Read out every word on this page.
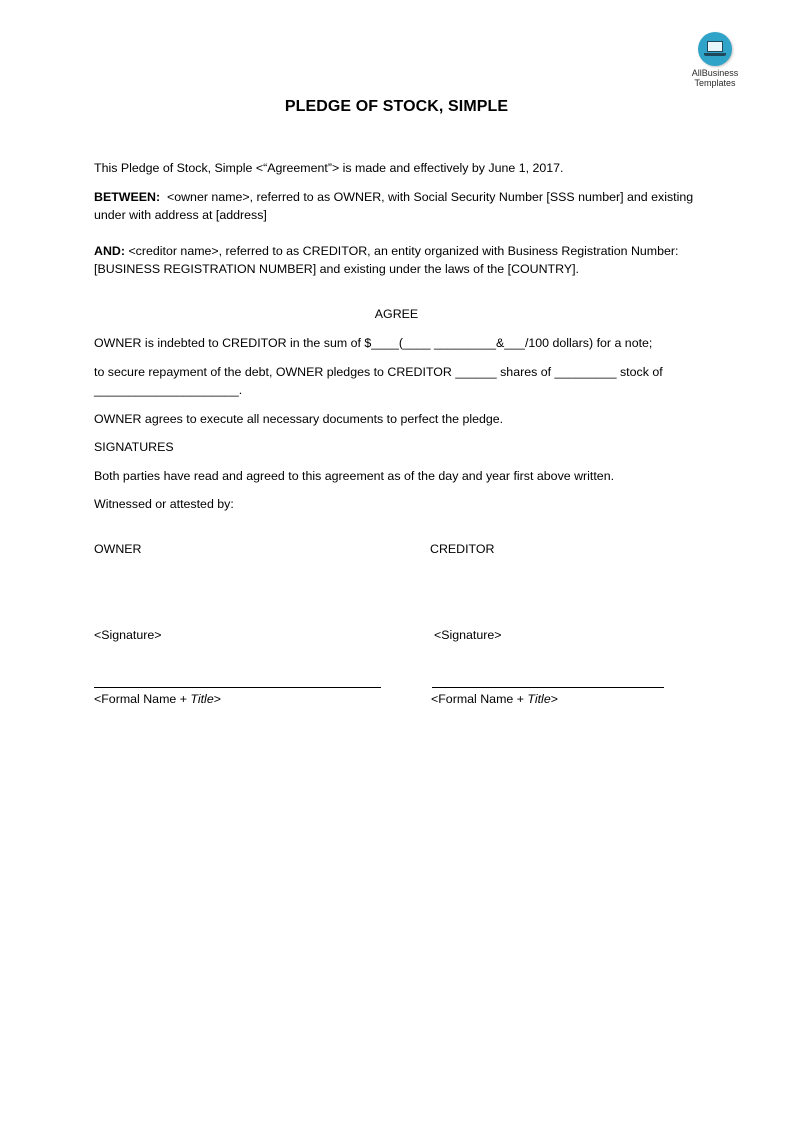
AllBusiness
Templates
PLEDGE OF STOCK, SIMPLE
This Pledge of Stock, Simple <“Agreement”> is made and effectively by June 1, 2017.
BETWEEN: <owner name>, referred to as OWNER, with Social Security Number [SSS number] and existing under with address at [address]
AND: <creditor name>, referred to as CREDITOR, an entity organized with Business Registration Number: [BUSINESS REGISTRATION NUMBER] and existing under the laws of the [COUNTRY].
AGREE
OWNER is indebted to CREDITOR in the sum of $____(____ _________&___/100 dollars) for a note;
to secure repayment of the debt, OWNER pledges to CREDITOR ______ shares of _________ stock of _____________________.
OWNER agrees to execute all necessary documents to perfect the pledge.
SIGNATURES
Both parties have read and agreed to this agreement as of the day and year first above written.
Witnessed or attested by:
OWNER	CREDITOR
<Signature>	<Signature>
<Formal Name + Title>	<Formal Name + Title>
